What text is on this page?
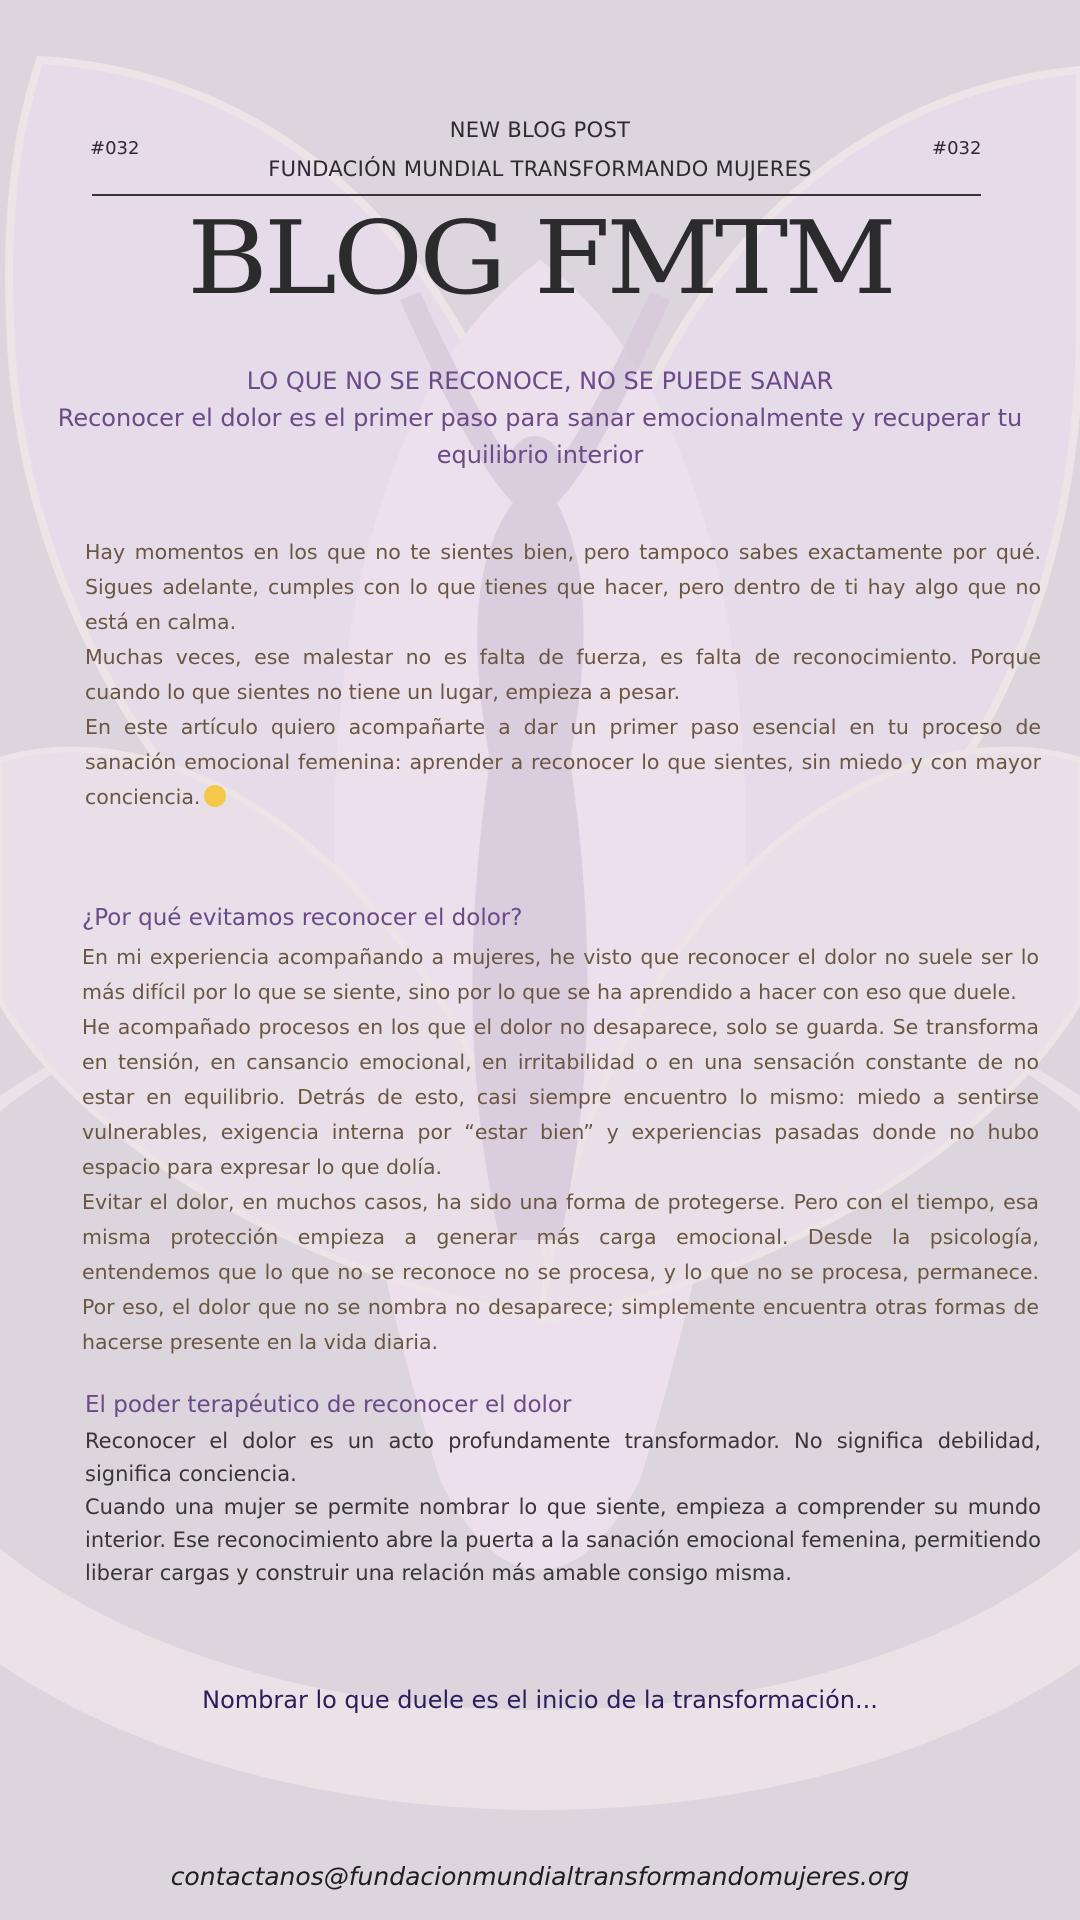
#032	#032
NEW BLOG POST
FUNDACIÓN MUNDIAL TRANSFORMANDO MUJERES
BLOG FMTM
LO QUE NO SE RECONOCE, NO SE PUEDE SANAR
Reconocer el dolor es el primer paso para sanar emocionalmente y recuperar tu equilibrio interior
Hay momentos en los que no te sientes bien, pero tampoco sabes exactamente por qué. Sigues adelante, cumples con lo que tienes que hacer, pero dentro de ti hay algo que no está en calma.
Muchas veces, ese malestar no es falta de fuerza, es falta de reconocimiento. Porque cuando lo que sientes no tiene un lugar, empieza a pesar.
En este artículo quiero acompañarte a dar un primer paso esencial en tu proceso de sanación emocional femenina: aprender a reconocer lo que sientes, sin miedo y con mayor conciencia.
¿Por qué evitamos reconocer el dolor?
En mi experiencia acompañando a mujeres, he visto que reconocer el dolor no suele ser lo más difícil por lo que se siente, sino por lo que se ha aprendido a hacer con eso que duele.
He acompañado procesos en los que el dolor no desaparece, solo se guarda. Se transforma en tensión, en cansancio emocional, en irritabilidad o en una sensación constante de no estar en equilibrio. Detrás de esto, casi siempre encuentro lo mismo: miedo a sentirse vulnerables, exigencia interna por “estar bien” y experiencias pasadas donde no hubo espacio para expresar lo que dolía.
Evitar el dolor, en muchos casos, ha sido una forma de protegerse. Pero con el tiempo, esa misma protección empieza a generar más carga emocional. Desde la psicología, entendemos que lo que no se reconoce no se procesa, y lo que no se procesa, permanece. Por eso, el dolor que no se nombra no desaparece; simplemente encuentra otras formas de hacerse presente en la vida diaria.
El poder terapéutico de reconocer el dolor
Reconocer el dolor es un acto profundamente transformador. No significa debilidad, significa conciencia.
Cuando una mujer se permite nombrar lo que siente, empieza a comprender su mundo interior. Ese reconocimiento abre la puerta a la sanación emocional femenina, permitiendo liberar cargas y construir una relación más amable consigo misma.
Nombrar lo que duele es el inicio de la transformación...
contactanos@fundacionmundialtransformandomujeres.org
